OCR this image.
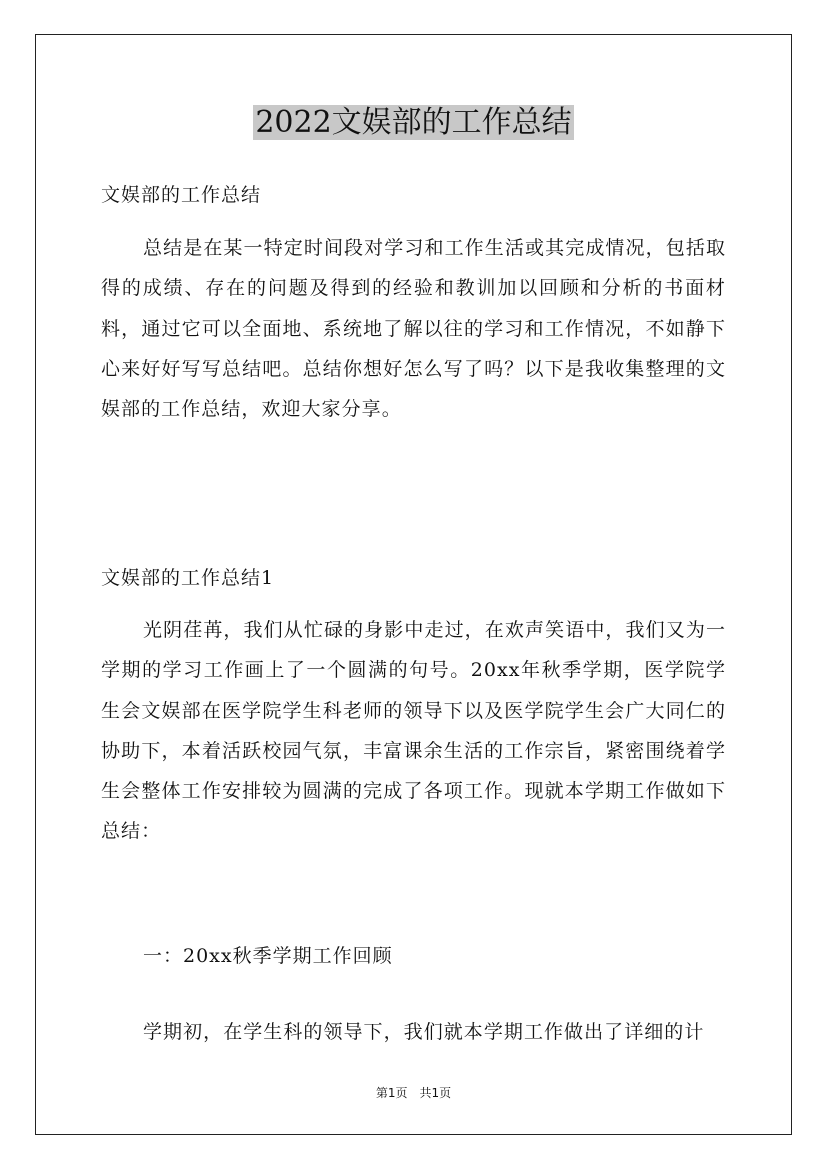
2022文娱部的工作总结
文娱部的工作总结
总结是在某一特定时间段对学习和工作生活或其完成情况，包括取得的成绩、存在的问题及得到的经验和教训加以回顾和分析的书面材料，通过它可以全面地、系统地了解以往的学习和工作情况，不如静下心来好好写写总结吧。总结你想好怎么写了吗？以下是我收集整理的文娱部的工作总结，欢迎大家分享。
文娱部的工作总结1
光阴荏苒，我们从忙碌的身影中走过，在欢声笑语中，我们又为一学期的学习工作画上了一个圆满的句号。20xx年秋季学期，医学院学生会文娱部在医学院学生科老师的领导下以及医学院学生会广大同仁的协助下，本着活跃校园气氛，丰富课余生活的工作宗旨，紧密围绕着学生会整体工作安排较为圆满的完成了各项工作。现就本学期工作做如下总结：
一：20xx秋季学期工作回顾
学期初，在学生科的领导下，我们就本学期工作做出了详细的计
第1页　共1页
